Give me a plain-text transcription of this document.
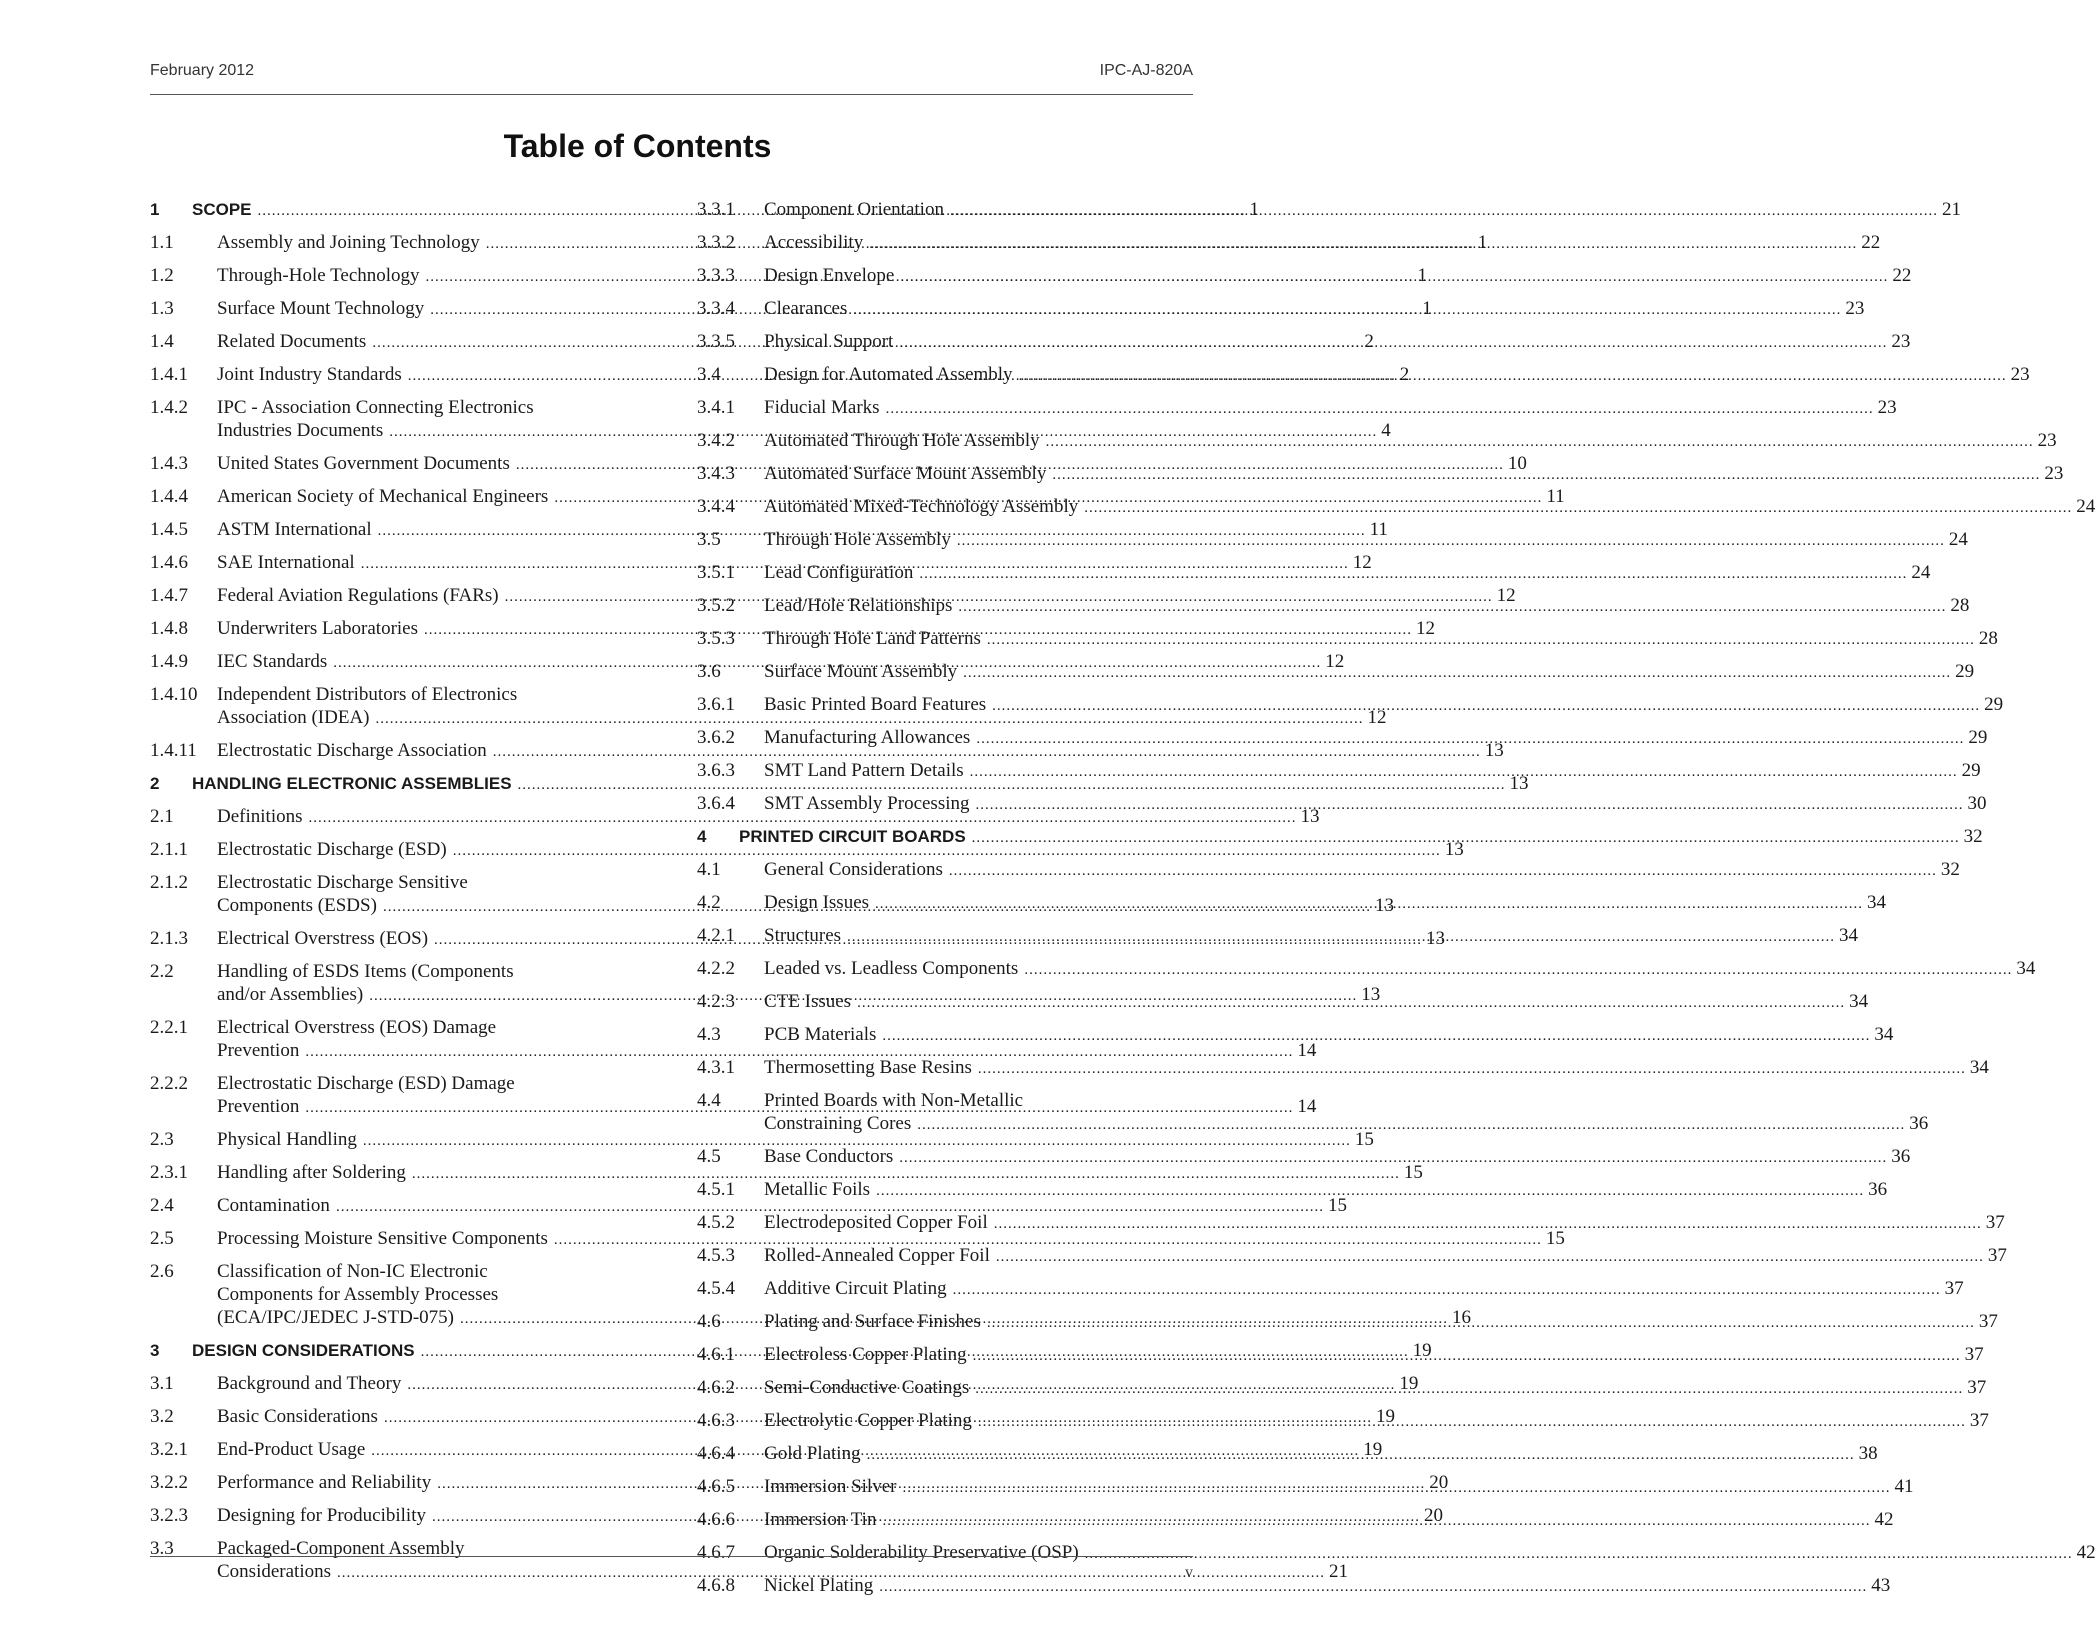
February 2012	IPC-AJ-820A
Table of Contents
1	SCOPE .....	1
1.1	Assembly and Joining Technology .....	1
1.2	Through-Hole Technology .....	1
1.3	Surface Mount Technology .....	1
1.4	Related Documents .....	2
1.4.1	Joint Industry Standards .....	2
1.4.2	IPC - Association Connecting Electronics
Industries Documents .....	4
1.4.3	United States Government Documents .....	10
1.4.4	American Society of Mechanical Engineers .....	11
1.4.5	ASTM International .....	11
1.4.6	SAE International .....	12
1.4.7	Federal Aviation Regulations (FARs) .....	12
1.4.8	Underwriters Laboratories .....	12
1.4.9	IEC Standards .....	12
1.4.10	Independent Distributors of Electronics
Association (IDEA) .....	12
1.4.11	Electrostatic Discharge Association .....	13
2	HANDLING ELECTRONIC ASSEMBLIES .....	13
2.1	Definitions .....	13
2.1.1	Electrostatic Discharge (ESD) .....	13
2.1.2	Electrostatic Discharge Sensitive
Components (ESDS) .....	13
2.1.3	Electrical Overstress (EOS) .....	13
2.2	Handling of ESDS Items (Components
and/or Assemblies) .....	13
2.2.1	Electrical Overstress (EOS) Damage
Prevention .....	14
2.2.2	Electrostatic Discharge (ESD) Damage
Prevention .....	14
2.3	Physical Handling .....	15
2.3.1	Handling after Soldering .....	15
2.4	Contamination .....	15
2.5	Processing Moisture Sensitive Components .....	15
2.6	Classification of Non-IC Electronic
Components for Assembly Processes
(ECA/IPC/JEDEC J-STD-075) .....	16
3	DESIGN CONSIDERATIONS .....	19
3.1	Background and Theory .....	19
3.2	Basic Considerations .....	19
3.2.1	End-Product Usage .....	19
3.2.2	Performance and Reliability .....	20
3.2.3	Designing for Producibility .....	20
3.3	Packaged-Component Assembly
Considerations .....	21
3.3.1	Component Orientation .....	21
3.3.2	Accessibility .....	22
3.3.3	Design Envelope .....	22
3.3.4	Clearances .....	23
3.3.5	Physical Support .....	23
3.4	Design for Automated Assembly .....	23
3.4.1	Fiducial Marks .....	23
3.4.2	Automated Through Hole Assembly .....	23
3.4.3	Automated Surface Mount Assembly .....	23
3.4.4	Automated Mixed-Technology Assembly .....	24
3.5	Through Hole Assembly .....	24
3.5.1	Lead Configuration .....	24
3.5.2	Lead/Hole Relationships .....	28
3.5.3	Through Hole Land Patterns .....	28
3.6	Surface Mount Assembly .....	29
3.6.1	Basic Printed Board Features .....	29
3.6.2	Manufacturing Allowances .....	29
3.6.3	SMT Land Pattern Details .....	29
3.6.4	SMT Assembly Processing .....	30
4	PRINTED CIRCUIT BOARDS .....	32
4.1	General Considerations .....	32
4.2	Design Issues .....	34
4.2.1	Structures .....	34
4.2.2	Leaded vs. Leadless Components .....	34
4.2.3	CTE Issues .....	34
4.3	PCB Materials .....	34
4.3.1	Thermosetting Base Resins .....	34
4.4	Printed Boards with Non-Metallic
Constraining Cores .....	36
4.5	Base Conductors .....	36
4.5.1	Metallic Foils .....	36
4.5.2	Electrodeposited Copper Foil .....	37
4.5.3	Rolled-Annealed Copper Foil .....	37
4.5.4	Additive Circuit Plating .....	37
4.6	Plating and Surface Finishes .....	37
4.6.1	Electroless Copper Plating .....	37
4.6.2	Semi-Conductive Coatings .....	37
4.6.3	Electrolytic Copper Plating .....	37
4.6.4	Gold Plating .....	38
4.6.5	Immersion Silver .....	41
4.6.6	Immersion Tin .....	42
4.6.7	Organic Solderability Preservative (OSP) .....	42
4.6.8	Nickel Plating .....	43
v
